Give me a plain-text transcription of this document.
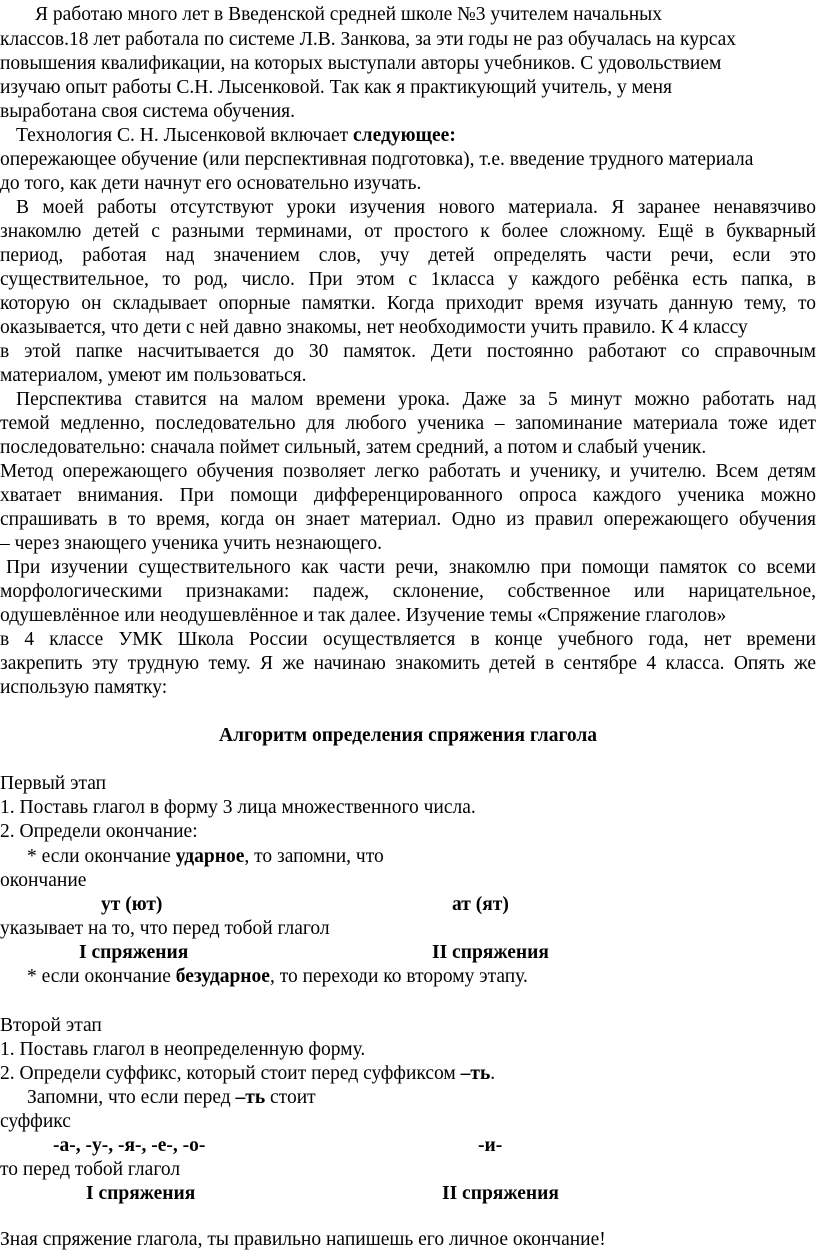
Я работаю много лет в Введенской средней школе №3 учителем начальных
классов.18 лет работала по системе Л.В. Занкова, за эти годы не раз обучалась на курсах
повышения квалификации, на которых выступали авторы учебников. С удовольствием
изучаю опыт работы С.Н. Лысенковой. Так как я практикующий учитель, у меня
выработана своя система обучения.
Технология С. Н. Лысенковой включает следующее:
опережающее обучение (или перспективная подготовка), т.е. введение трудного материала
до того, как дети начнут его основательно изучать.
В моей работы отсутствуют уроки изучения нового материала. Я заранее ненавязчиво
знакомлю детей с разными терминами, от простого к более сложному. Ещё в букварный
период, работая над значением слов, учу детей определять части речи, если это
существительное, то род, число. При этом с 1класса у каждого ребёнка есть папка, в
которую он складывает опорные памятки. Когда приходит время изучать данную тему, то
оказывается, что дети с ней давно знакомы, нет необходимости учить правило. К 4 классу
в этой папке насчитывается до 30 памяток. Дети постоянно работают со справочным
материалом, умеют им пользоваться.
Перспектива ставится на малом времени урока. Даже за 5 минут можно работать над
темой медленно, последовательно для любого ученика – запоминание материала тоже идет
последовательно: сначала поймет сильный, затем средний, а потом и слабый ученик.
Метод опережающего обучения позволяет легко работать и ученику, и учителю. Всем детям
хватает внимания. При помощи дифференцированного опроса каждого ученика можно
спрашивать в то время, когда он знает материал. Одно из правил опережающего обучения
– через знающего ученика учить незнающего.
При изучении существительного как части речи, знакомлю при помощи памяток со всеми
морфологическими признаками: падеж, склонение, собственное или нарицательное,
одушевлённое или неодушевлённое и так далее. Изучение темы «Спряжение глаголов»
в 4 классе УМК Школа России осуществляется в конце учебного года, нет времени
закрепить эту трудную тему. Я же начинаю знакомить детей в сентябре 4 класса. Опять же
использую памятку:
Алгоритм определения спряжения глагола
Первый этап
1. Поставь глагол в форму 3 лица множественного числа.
2. Определи окончание:
* если окончание ударное, то запомни, что
окончание
ут (ют)	ат (ят)
указывает на то, что перед тобой глагол
I спряжения	II спряжения
* если окончание безударное, то переходи ко второму этапу.
Второй этап
1. Поставь глагол в неопределенную форму.
2. Определи суффикс, который стоит перед суффиксом –ть.
Запомни, что если перед –ть стоит
суффикс
-а-, -у-, -я-, -е-, -о-	-и-
то перед тобой глагол
I спряжения	II спряжения
Зная спряжение глагола, ты правильно напишешь его личное окончание!
